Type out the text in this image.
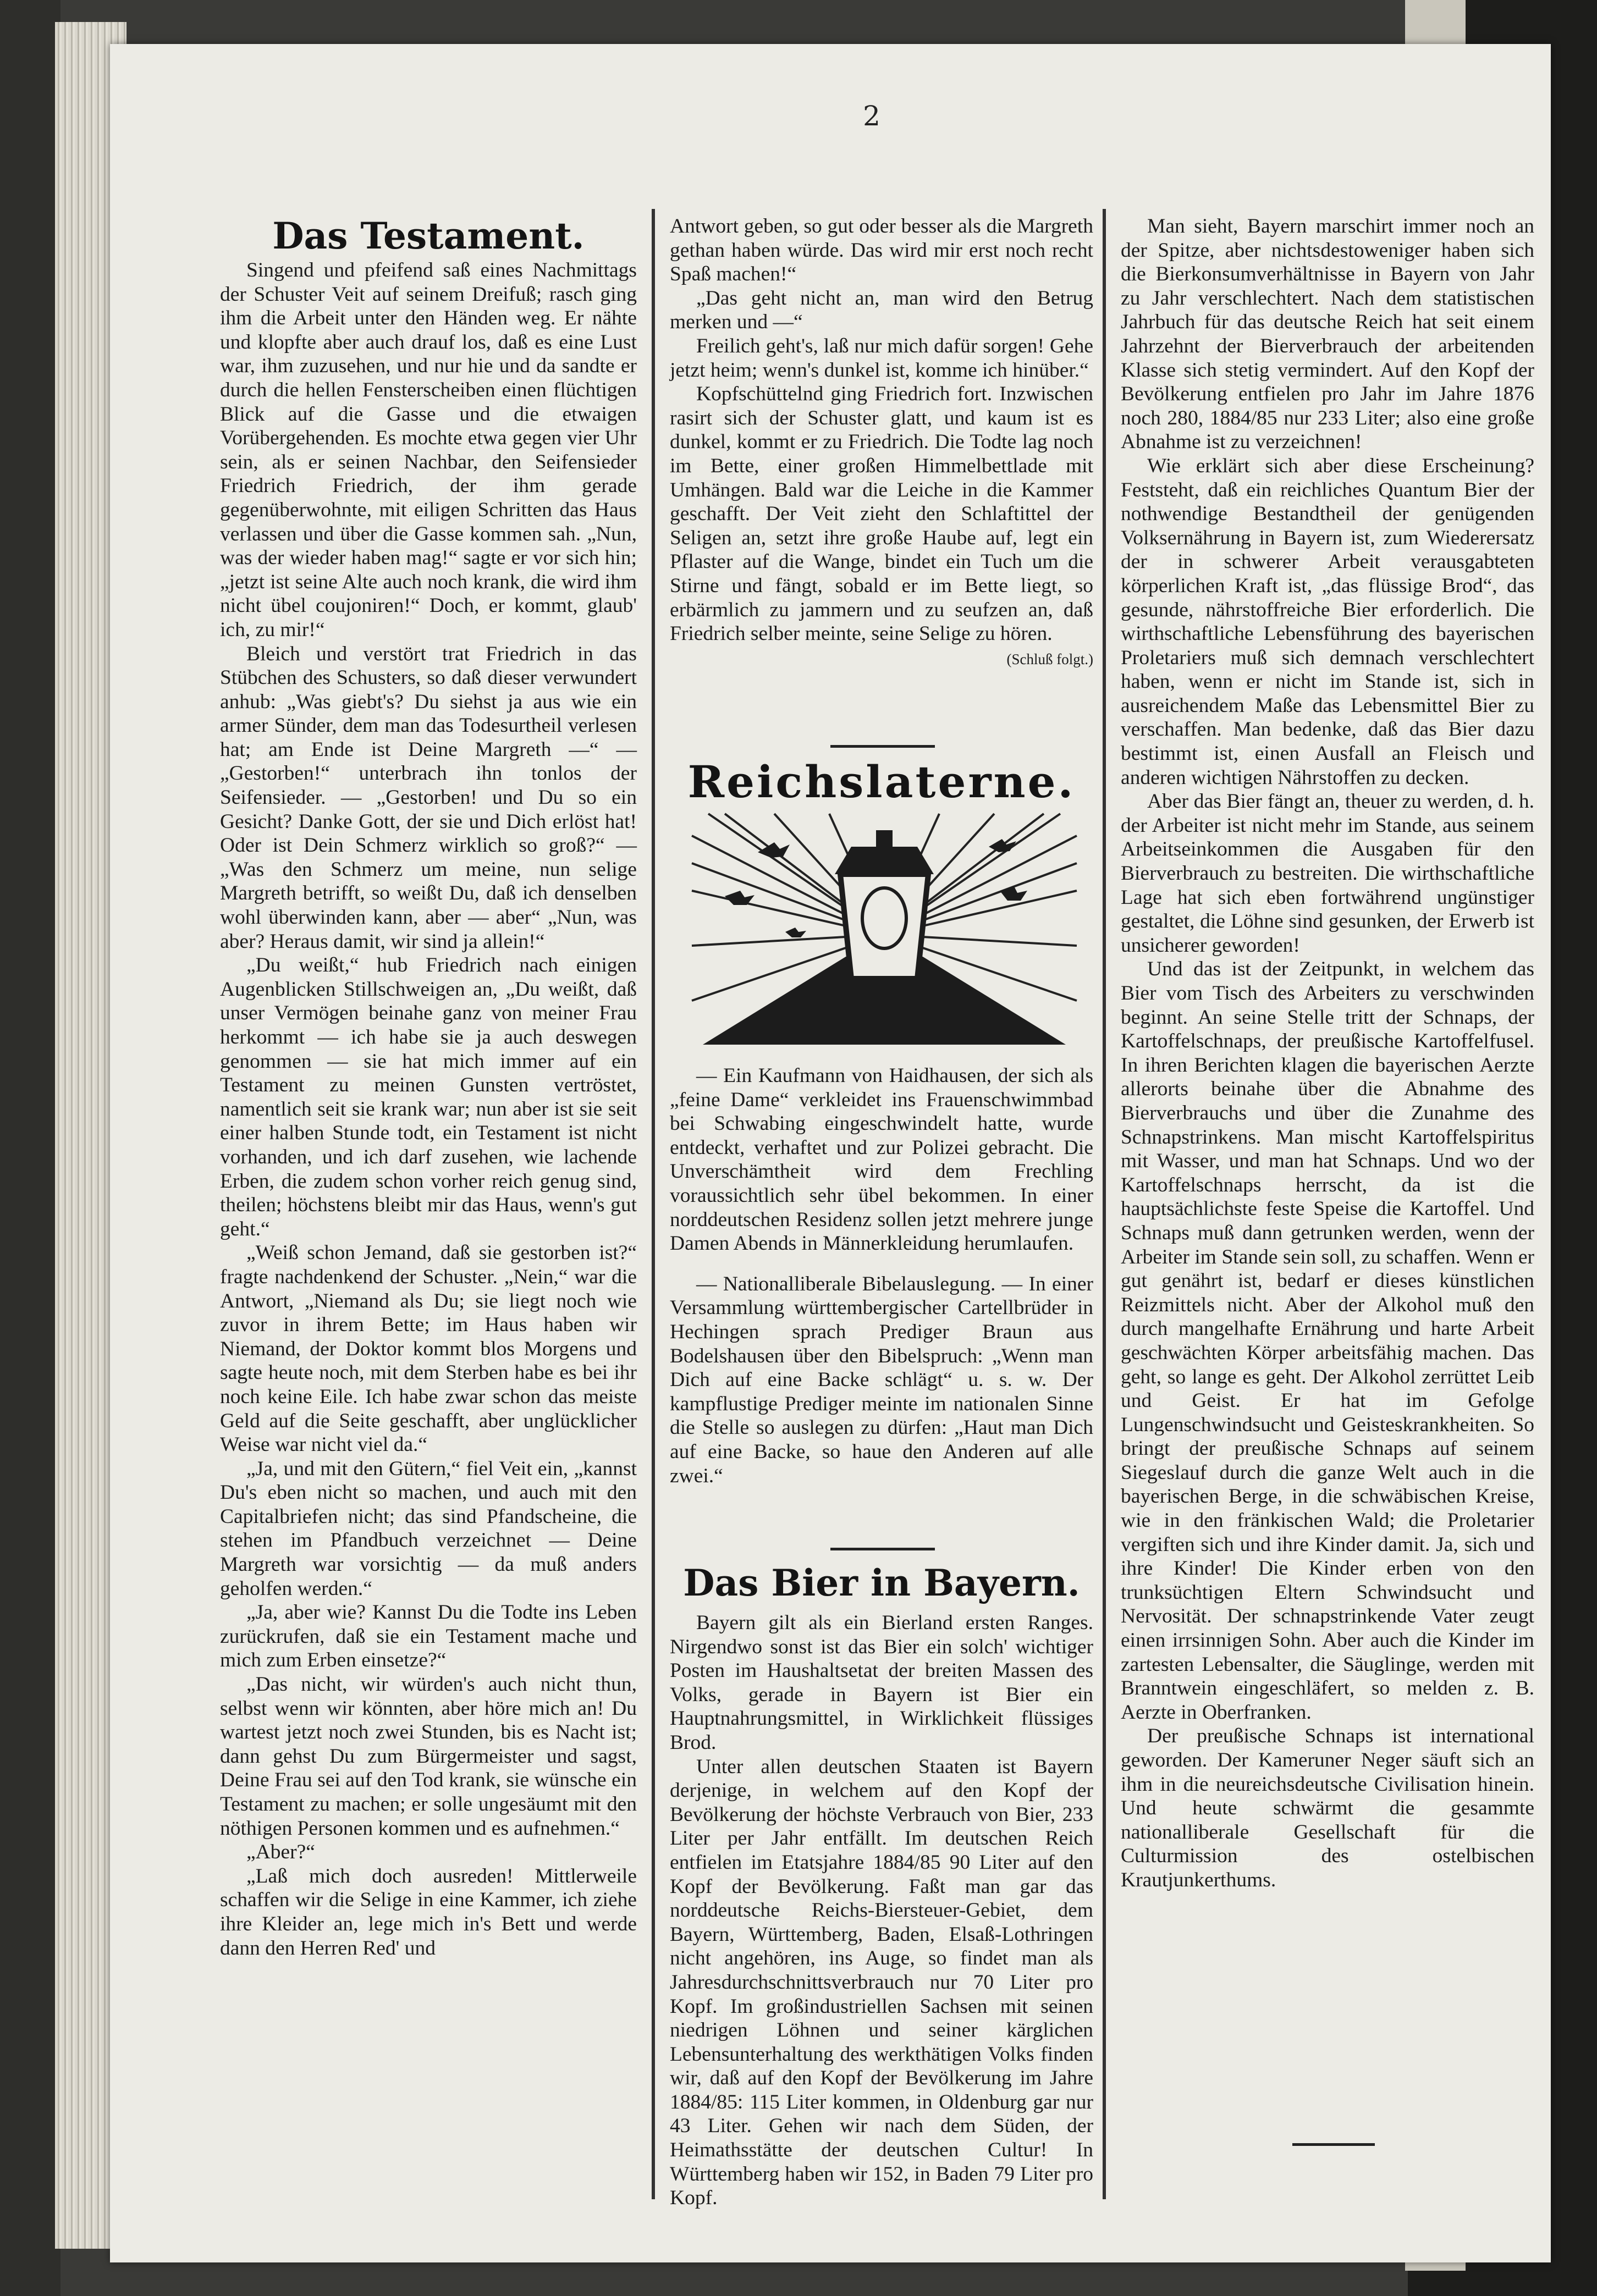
2
Das Testament.

Singend und pfeifend saß eines Nachmittags der Schuster Veit auf seinem Dreifuß; rasch ging ihm die Arbeit unter den Händen weg. Er nähte und klopfte aber auch drauf los, daß es eine Lust war, ihm zuzusehen, und nur hie und da sandte er durch die hellen Fensterscheiben einen flüchtigen Blick auf die Gasse und die etwaigen Vorübergehenden. Es mochte etwa gegen vier Uhr sein, als er seinen Nachbar, den Seifensieder Friedrich Friedrich, der ihm gerade gegenüberwohnte, mit eiligen Schritten das Haus verlassen und über die Gasse kommen sah. „Nun, was der wieder haben mag!“ sagte er vor sich hin; „jetzt ist seine Alte auch noch krank, die wird ihm nicht übel coujoniren!“ Doch, er kommt, glaub' ich, zu mir!“

Bleich und verstört trat Friedrich in das Stübchen des Schusters, so daß dieser verwundert anhub: „Was giebt's? Du siehst ja aus wie ein armer Sünder, dem man das Todesurtheil verlesen hat; am Ende ist Deine Margreth —“ — „Gestorben!“ unterbrach ihn tonlos der Seifensieder. — „Gestorben! und Du so ein Gesicht? Danke Gott, der sie und Dich erlöst hat! Oder ist Dein Schmerz wirklich so groß?“ — „Was den Schmerz um meine, nun selige Margreth betrifft, so weißt Du, daß ich denselben wohl überwinden kann, aber — aber“ „Nun, was aber? Heraus damit, wir sind ja allein!“

„Du weißt,“ hub Friedrich nach einigen Augenblicken Stillschweigen an, „Du weißt, daß unser Vermögen beinahe ganz von meiner Frau herkommt — ich habe sie ja auch deswegen genommen — sie hat mich immer auf ein Testament zu meinen Gunsten vertröstet, namentlich seit sie krank war; nun aber ist sie seit einer halben Stunde todt, ein Testament ist nicht vorhanden, und ich darf zusehen, wie lachende Erben, die zudem schon vorher reich genug sind, theilen; höchstens bleibt mir das Haus, wenn's gut geht.“

„Weiß schon Jemand, daß sie gestorben ist?“ fragte nachdenkend der Schuster. „Nein,“ war die Antwort, „Niemand als Du; sie liegt noch wie zuvor in ihrem Bette; im Haus haben wir Niemand, der Doktor kommt blos Morgens und sagte heute noch, mit dem Sterben habe es bei ihr noch keine Eile. Ich habe zwar schon das meiste Geld auf die Seite geschafft, aber unglücklicher Weise war nicht viel da.“

„Ja, und mit den Gütern,“ fiel Veit ein, „kannst Du's eben nicht so machen, und auch mit den Capitalbriefen nicht; das sind Pfandscheine, die stehen im Pfandbuch verzeichnet — Deine Margreth war vorsichtig — da muß anders geholfen werden.“

„Ja, aber wie? Kannst Du die Todte ins Leben zurückrufen, daß sie ein Testament mache und mich zum Erben einsetze?“

„Das nicht, wir würden's auch nicht thun, selbst wenn wir könnten, aber höre mich an! Du wartest jetzt noch zwei Stunden, bis es Nacht ist; dann gehst Du zum Bürgermeister und sagst, Deine Frau sei auf den Tod krank, sie wünsche ein Testament zu machen; er solle ungesäumt mit den nöthigen Personen kommen und es aufnehmen.“

„Aber?“

„Laß mich doch ausreden! Mittlerweile schaffen wir die Selige in eine Kammer, ich ziehe ihre Kleider an, lege mich in's Bett und werde dann den Herren Red' und

Antwort geben, so gut oder besser als die Margreth gethan haben würde. Das wird mir erst noch recht Spaß machen!“

„Das geht nicht an, man wird den Betrug merken und —“

Freilich geht's, laß nur mich dafür sorgen! Gehe jetzt heim; wenn's dunkel ist, komme ich hinüber.“

Kopfschüttelnd ging Friedrich fort. Inzwischen rasirt sich der Schuster glatt, und kaum ist es dunkel, kommt er zu Friedrich. Die Todte lag noch im Bette, einer großen Himmelbettlade mit Umhängen. Bald war die Leiche in die Kammer geschafft. Der Veit zieht den Schlaftittel der Seligen an, setzt ihre große Haube auf, legt ein Pflaster auf die Wange, bindet ein Tuch um die Stirne und fängt, sobald er im Bette liegt, so erbärmlich zu jammern und zu seufzen an, daß Friedrich selber meinte, seine Selige zu hören.

(Schluß folgt.)

Reichslaterne.

— Ein Kaufmann von Haidhausen, der sich als „feine Dame“ verkleidet ins Frauenschwimmbad bei Schwabing eingeschwindelt hatte, wurde entdeckt, verhaftet und zur Polizei gebracht. Die Unverschämtheit wird dem Frechling voraussichtlich sehr übel bekommen. In einer norddeutschen Residenz sollen jetzt mehrere junge Damen Abends in Männerkleidung herumlaufen.

— Nationalliberale Bibelauslegung. — In einer Versammlung württembergischer Cartellbrüder in Hechingen sprach Prediger Braun aus Bodelshausen über den Bibelspruch: „Wenn man Dich auf eine Backe schlägt“ u. s. w. Der kampflustige Prediger meinte im nationalen Sinne die Stelle so auslegen zu dürfen: „Haut man Dich auf eine Backe, so haue den Anderen auf alle zwei.“

Das Bier in Bayern.

Bayern gilt als ein Bierland ersten Ranges. Nirgendwo sonst ist das Bier ein solch' wichtiger Posten im Haushaltsetat der breiten Massen des Volks, gerade in Bayern ist Bier ein Hauptnahrungsmittel, in Wirklichkeit flüssiges Brod.

Unter allen deutschen Staaten ist Bayern derjenige, in welchem auf den Kopf der Bevölkerung der höchste Verbrauch von Bier, 233 Liter per Jahr entfällt. Im deutschen Reich entfielen im Etatsjahre 1884/85 90 Liter auf den Kopf der Bevölkerung. Faßt man gar das norddeutsche Reichs-Biersteuer-Gebiet, dem Bayern, Württemberg, Baden, Elsaß-Lothringen nicht angehören, ins Auge, so findet man als Jahresdurchschnittsverbrauch nur 70 Liter pro Kopf. Im großindustriellen Sachsen mit seinen niedrigen Löhnen und seiner kärglichen Lebensunterhaltung des werkthätigen Volks finden wir, daß auf den Kopf der Bevölkerung im Jahre 1884/85: 115 Liter kommen, in Oldenburg gar nur 43 Liter. Gehen wir nach dem Süden, der Heimathsstätte der deutschen Cultur! In Württemberg haben wir 152, in Baden 79 Liter pro Kopf.

Man sieht, Bayern marschirt immer noch an der Spitze, aber nichtsdestoweniger haben sich die Bierkonsumverhältnisse in Bayern von Jahr zu Jahr verschlechtert. Nach dem statistischen Jahrbuch für das deutsche Reich hat seit einem Jahrzehnt der Bierverbrauch der arbeitenden Klasse sich stetig vermindert. Auf den Kopf der Bevölkerung entfielen pro Jahr im Jahre 1876 noch 280, 1884/85 nur 233 Liter; also eine große Abnahme ist zu verzeichnen!

Wie erklärt sich aber diese Erscheinung? Feststeht, daß ein reichliches Quantum Bier der nothwendige Bestandtheil der genügenden Volksernährung in Bayern ist, zum Wiederersatz der in schwerer Arbeit verausgabteten körperlichen Kraft ist, „das flüssige Brod“, das gesunde, nährstoffreiche Bier erforderlich. Die wirthschaftliche Lebensführung des bayerischen Proletariers muß sich demnach verschlechtert haben, wenn er nicht im Stande ist, sich in ausreichendem Maße das Lebensmittel Bier zu verschaffen. Man bedenke, daß das Bier dazu bestimmt ist, einen Ausfall an Fleisch und anderen wichtigen Nährstoffen zu decken.

Aber das Bier fängt an, theuer zu werden, d. h. der Arbeiter ist nicht mehr im Stande, aus seinem Arbeitseinkommen die Ausgaben für den Bierverbrauch zu bestreiten. Die wirthschaftliche Lage hat sich eben fortwährend ungünstiger gestaltet, die Löhne sind gesunken, der Erwerb ist unsicherer geworden!

Und das ist der Zeitpunkt, in welchem das Bier vom Tisch des Arbeiters zu verschwinden beginnt. An seine Stelle tritt der Schnaps, der Kartoffelschnaps, der preußische Kartoffelfusel. In ihren Berichten klagen die bayerischen Aerzte allerorts beinahe über die Abnahme des Bierverbrauchs und über die Zunahme des Schnapstrinkens. Man mischt Kartoffelspiritus mit Wasser, und man hat Schnaps. Und wo der Kartoffelschnaps herrscht, da ist die hauptsächlichste feste Speise die Kartoffel. Und Schnaps muß dann getrunken werden, wenn der Arbeiter im Stande sein soll, zu schaffen. Wenn er gut genährt ist, bedarf er dieses künstlichen Reizmittels nicht. Aber der Alkohol muß den durch mangelhafte Ernährung und harte Arbeit geschwächten Körper arbeitsfähig machen. Das geht, so lange es geht. Der Alkohol zerrüttet Leib und Geist. Er hat im Gefolge Lungenschwindsucht und Geisteskrankheiten. So bringt der preußische Schnaps auf seinem Siegeslauf durch die ganze Welt auch in die bayerischen Berge, in die schwäbischen Kreise, wie in den fränkischen Wald; die Proletarier vergiften sich und ihre Kinder damit. Ja, sich und ihre Kinder! Die Kinder erben von den trunksüchtigen Eltern Schwindsucht und Nervosität. Der schnapstrinkende Vater zeugt einen irrsinnigen Sohn. Aber auch die Kinder im zartesten Lebensalter, die Säuglinge, werden mit Branntwein eingeschläfert, so melden z. B. Aerzte in Oberfranken.

Der preußische Schnaps ist international geworden. Der Kameruner Neger säuft sich an ihm in die neureichsdeutsche Civilisation hinein. Und heute schwärmt die gesammte nationalliberale Gesellschaft für die Culturmission des ostelbischen Krautjunkerthums.
